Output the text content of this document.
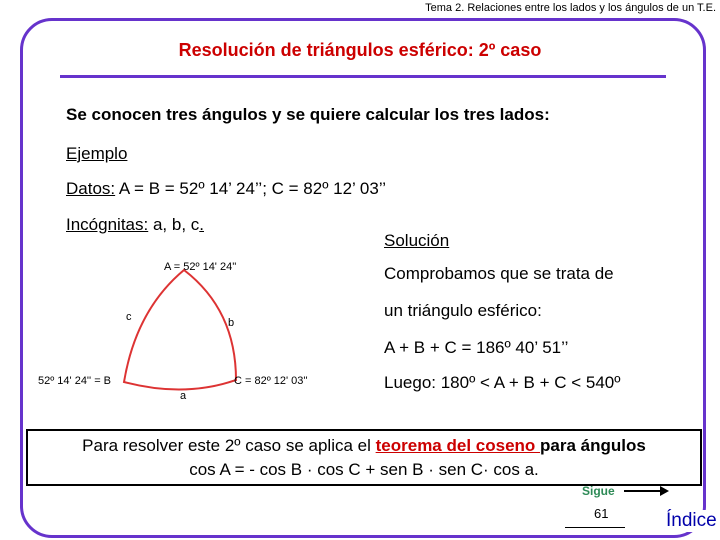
Tema 2. Relaciones entre los lados y los ángulos de un T.E.
Resolución de triángulos esférico: 2º caso
Se conocen tres ángulos y se quiere calcular los tres lados:
Ejemplo
Datos: A = B = 52º 14’ 24’’; C = 82º 12’ 03’’
Incógnitas: a, b, c.
Solución
Comprobamos que se trata de
un triángulo esférico:
A + B + C = 186º 40’ 51’’
Luego: 180º < A + B + C < 540º
A = 52º 14' 24''
52º 14' 24'' = B	C = 82º 12' 03''
c	b
a
Para resolver este 2º caso se aplica el teorema del coseno para ángulos
cos A = - cos B · cos C + sen B · sen C· cos a.
Sigue
61	Índice
